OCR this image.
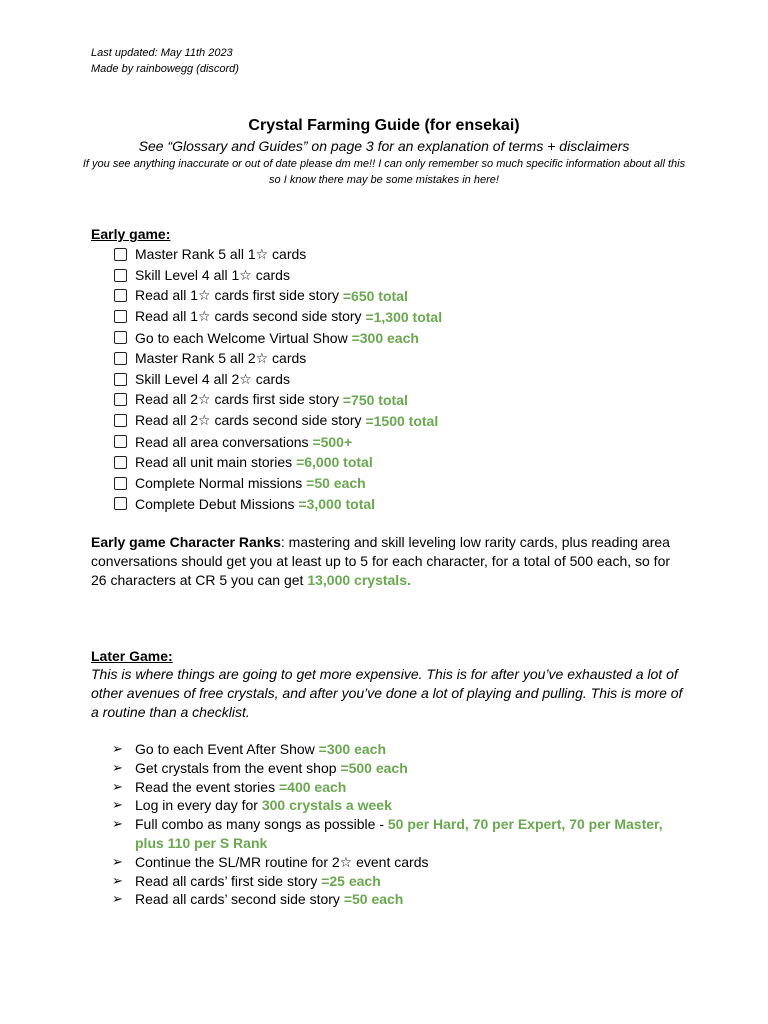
Last updated: May 11th 2023
Made by rainbowegg (discord)
Crystal Farming Guide (for ensekai)
See “Glossary and Guides” on page 3 for an explanation of terms + disclaimers
If you see anything inaccurate or out of date please dm me!! I can only remember so much specific information about all this so I know there may be some mistakes in here!
Early game:
Master Rank 5 all 1☆ cards
Skill Level 4 all 1☆ cards
Read all 1☆ cards first side story =650 total
Read all 1☆ cards second side story =1,300 total
Go to each Welcome Virtual Show =300 each
Master Rank 5 all 2☆ cards
Skill Level 4 all 2☆ cards
Read all 2☆ cards first side story =750 total
Read all 2☆ cards second side story =1500 total
Read all area conversations =500+
Read all unit main stories =6,000 total
Complete Normal missions =50 each
Complete Debut Missions =3,000 total
Early game Character Ranks: mastering and skill leveling low rarity cards, plus reading area conversations should get you at least up to 5 for each character, for a total of 500 each, so for 26 characters at CR 5 you can get 13,000 crystals.
Later Game:
This is where things are going to get more expensive. This is for after you’ve exhausted a lot of other avenues of free crystals, and after you’ve done a lot of playing and pulling. This is more of a routine than a checklist.
➢ Go to each Event After Show =300 each
➢ Get crystals from the event shop =500 each
➢ Read the event stories =400 each
➢ Log in every day for 300 crystals a week
➢ Full combo as many songs as possible - 50 per Hard, 70 per Expert, 70 per Master, plus 110 per S Rank
➢ Continue the SL/MR routine for 2☆ event cards
➢ Read all cards’ first side story =25 each
➢ Read all cards’ second side story =50 each
